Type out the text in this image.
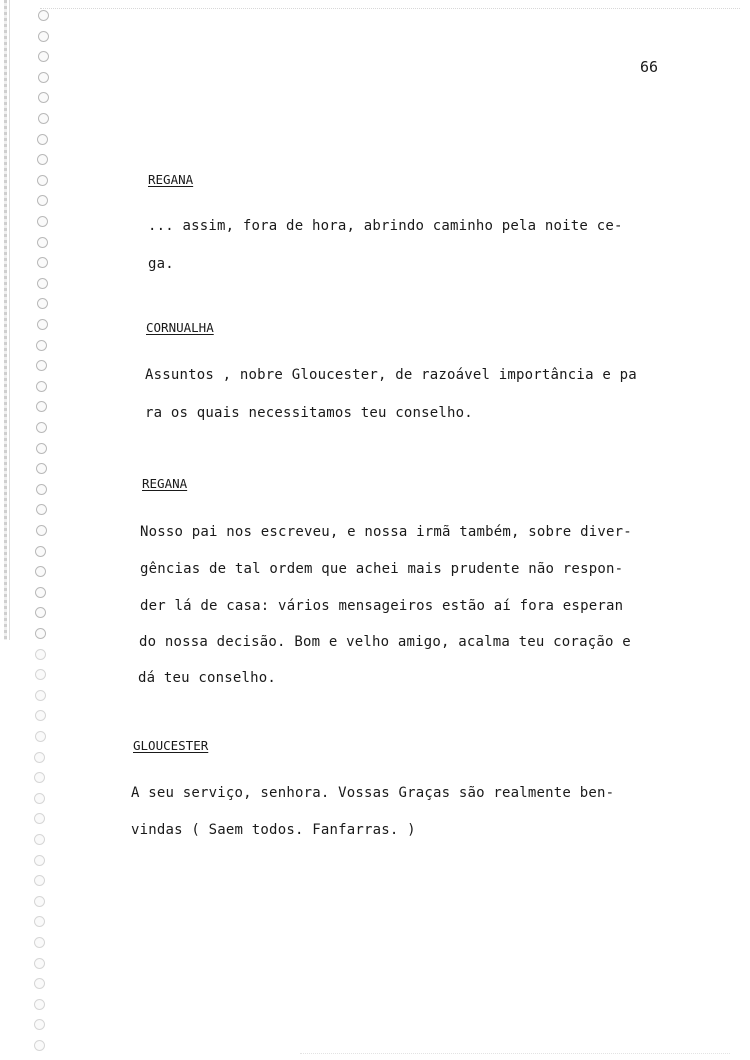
66
REGANA
... assim, fora de hora, abrindo caminho pela noite ce-
ga.
CORNUALHA
Assuntos , nobre Gloucester, de razoável importância e pa
ra os quais necessitamos teu conselho.
REGANA
Nosso pai nos escreveu, e nossa irmã também, sobre diver-
gências de tal ordem que achei mais prudente não respon-
der lá de casa: vários mensageiros estão aí fora esperan
do nossa decisão. Bom e velho amigo, acalma teu coração e
dá teu conselho.
GLOUCESTER
A seu serviço, senhora. Vossas Graças são realmente ben-
vindas ( Saem todos. Fanfarras. )
